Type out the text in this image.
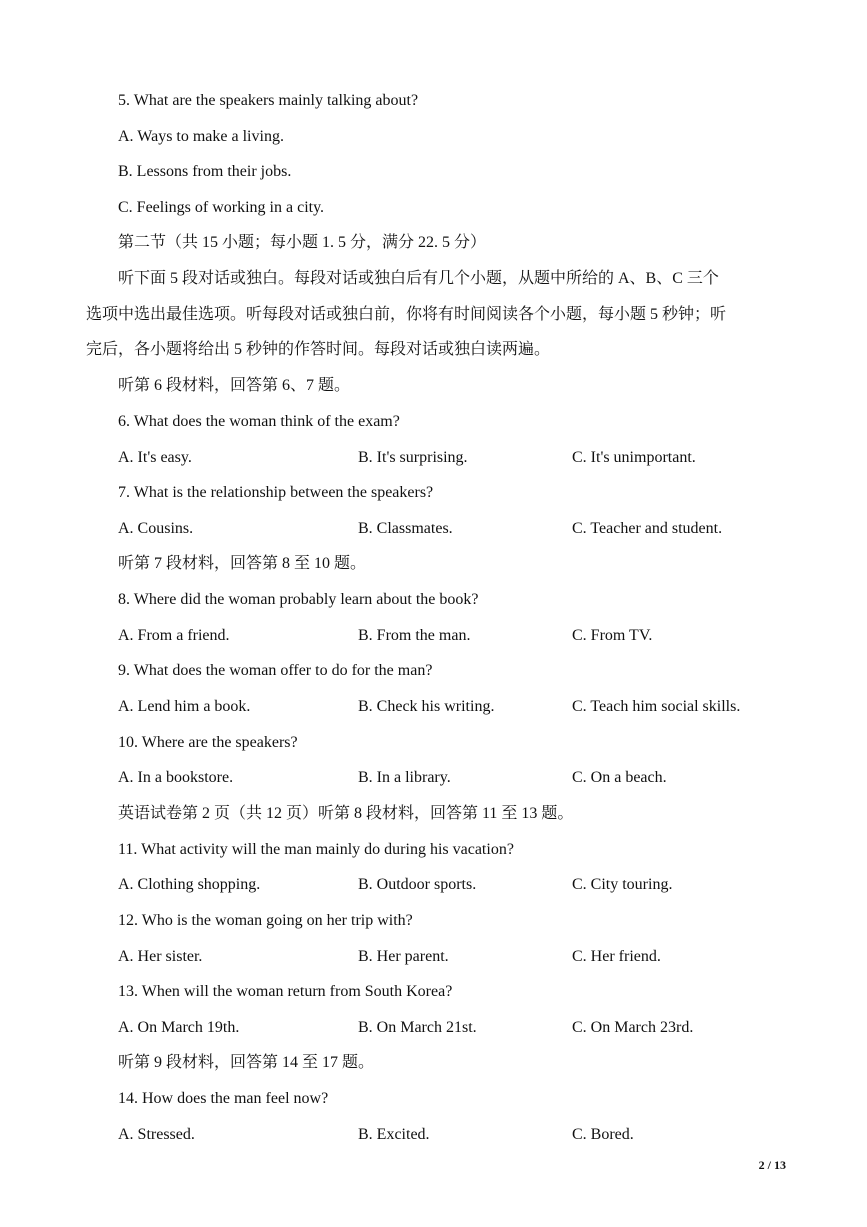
5. What are the speakers mainly talking about?
A. Ways to make a living.
B. Lessons from their jobs.
C. Feelings of working in a city.
第二节（共 15 小题；每小题 1. 5 分，满分 22. 5 分）
听下面 5 段对话或独白。每段对话或独白后有几个小题，从题中所给的 A、B、C 三个
选项中选出最佳选项。听每段对话或独白前，你将有时间阅读各个小题，每小题 5 秒钟；听
完后，各小题将给出 5 秒钟的作答时间。每段对话或独白读两遍。
听第 6 段材料，回答第 6、7 题。
6. What does the woman think of the exam?
A. It's easy.	B. It's surprising.	C. It's unimportant.
7. What is the relationship between the speakers?
A. Cousins.	B. Classmates.	C. Teacher and student.
听第 7 段材料，回答第 8 至 10 题。
8. Where did the woman probably learn about the book?
A. From a friend.	B. From the man.	C. From TV.
9. What does the woman offer to do for the man?
A. Lend him a book.	B. Check his writing.	C. Teach him social skills.
10. Where are the speakers?
A. In a bookstore.	B. In a library.	C. On a beach.
英语试卷第 2 页（共 12 页）听第 8 段材料，回答第 11 至 13 题。
11. What activity will the man mainly do during his vacation?
A. Clothing shopping.	B. Outdoor sports.	C. City touring.
12. Who is the woman going on her trip with?
A. Her sister.	B. Her parent.	C. Her friend.
13. When will the woman return from South Korea?
A. On March 19th.	B. On March 21st.	C. On March 23rd.
听第 9 段材料，回答第 14 至 17 题。
14. How does the man feel now?
A. Stressed.	B. Excited.	C. Bored.
2 / 13
